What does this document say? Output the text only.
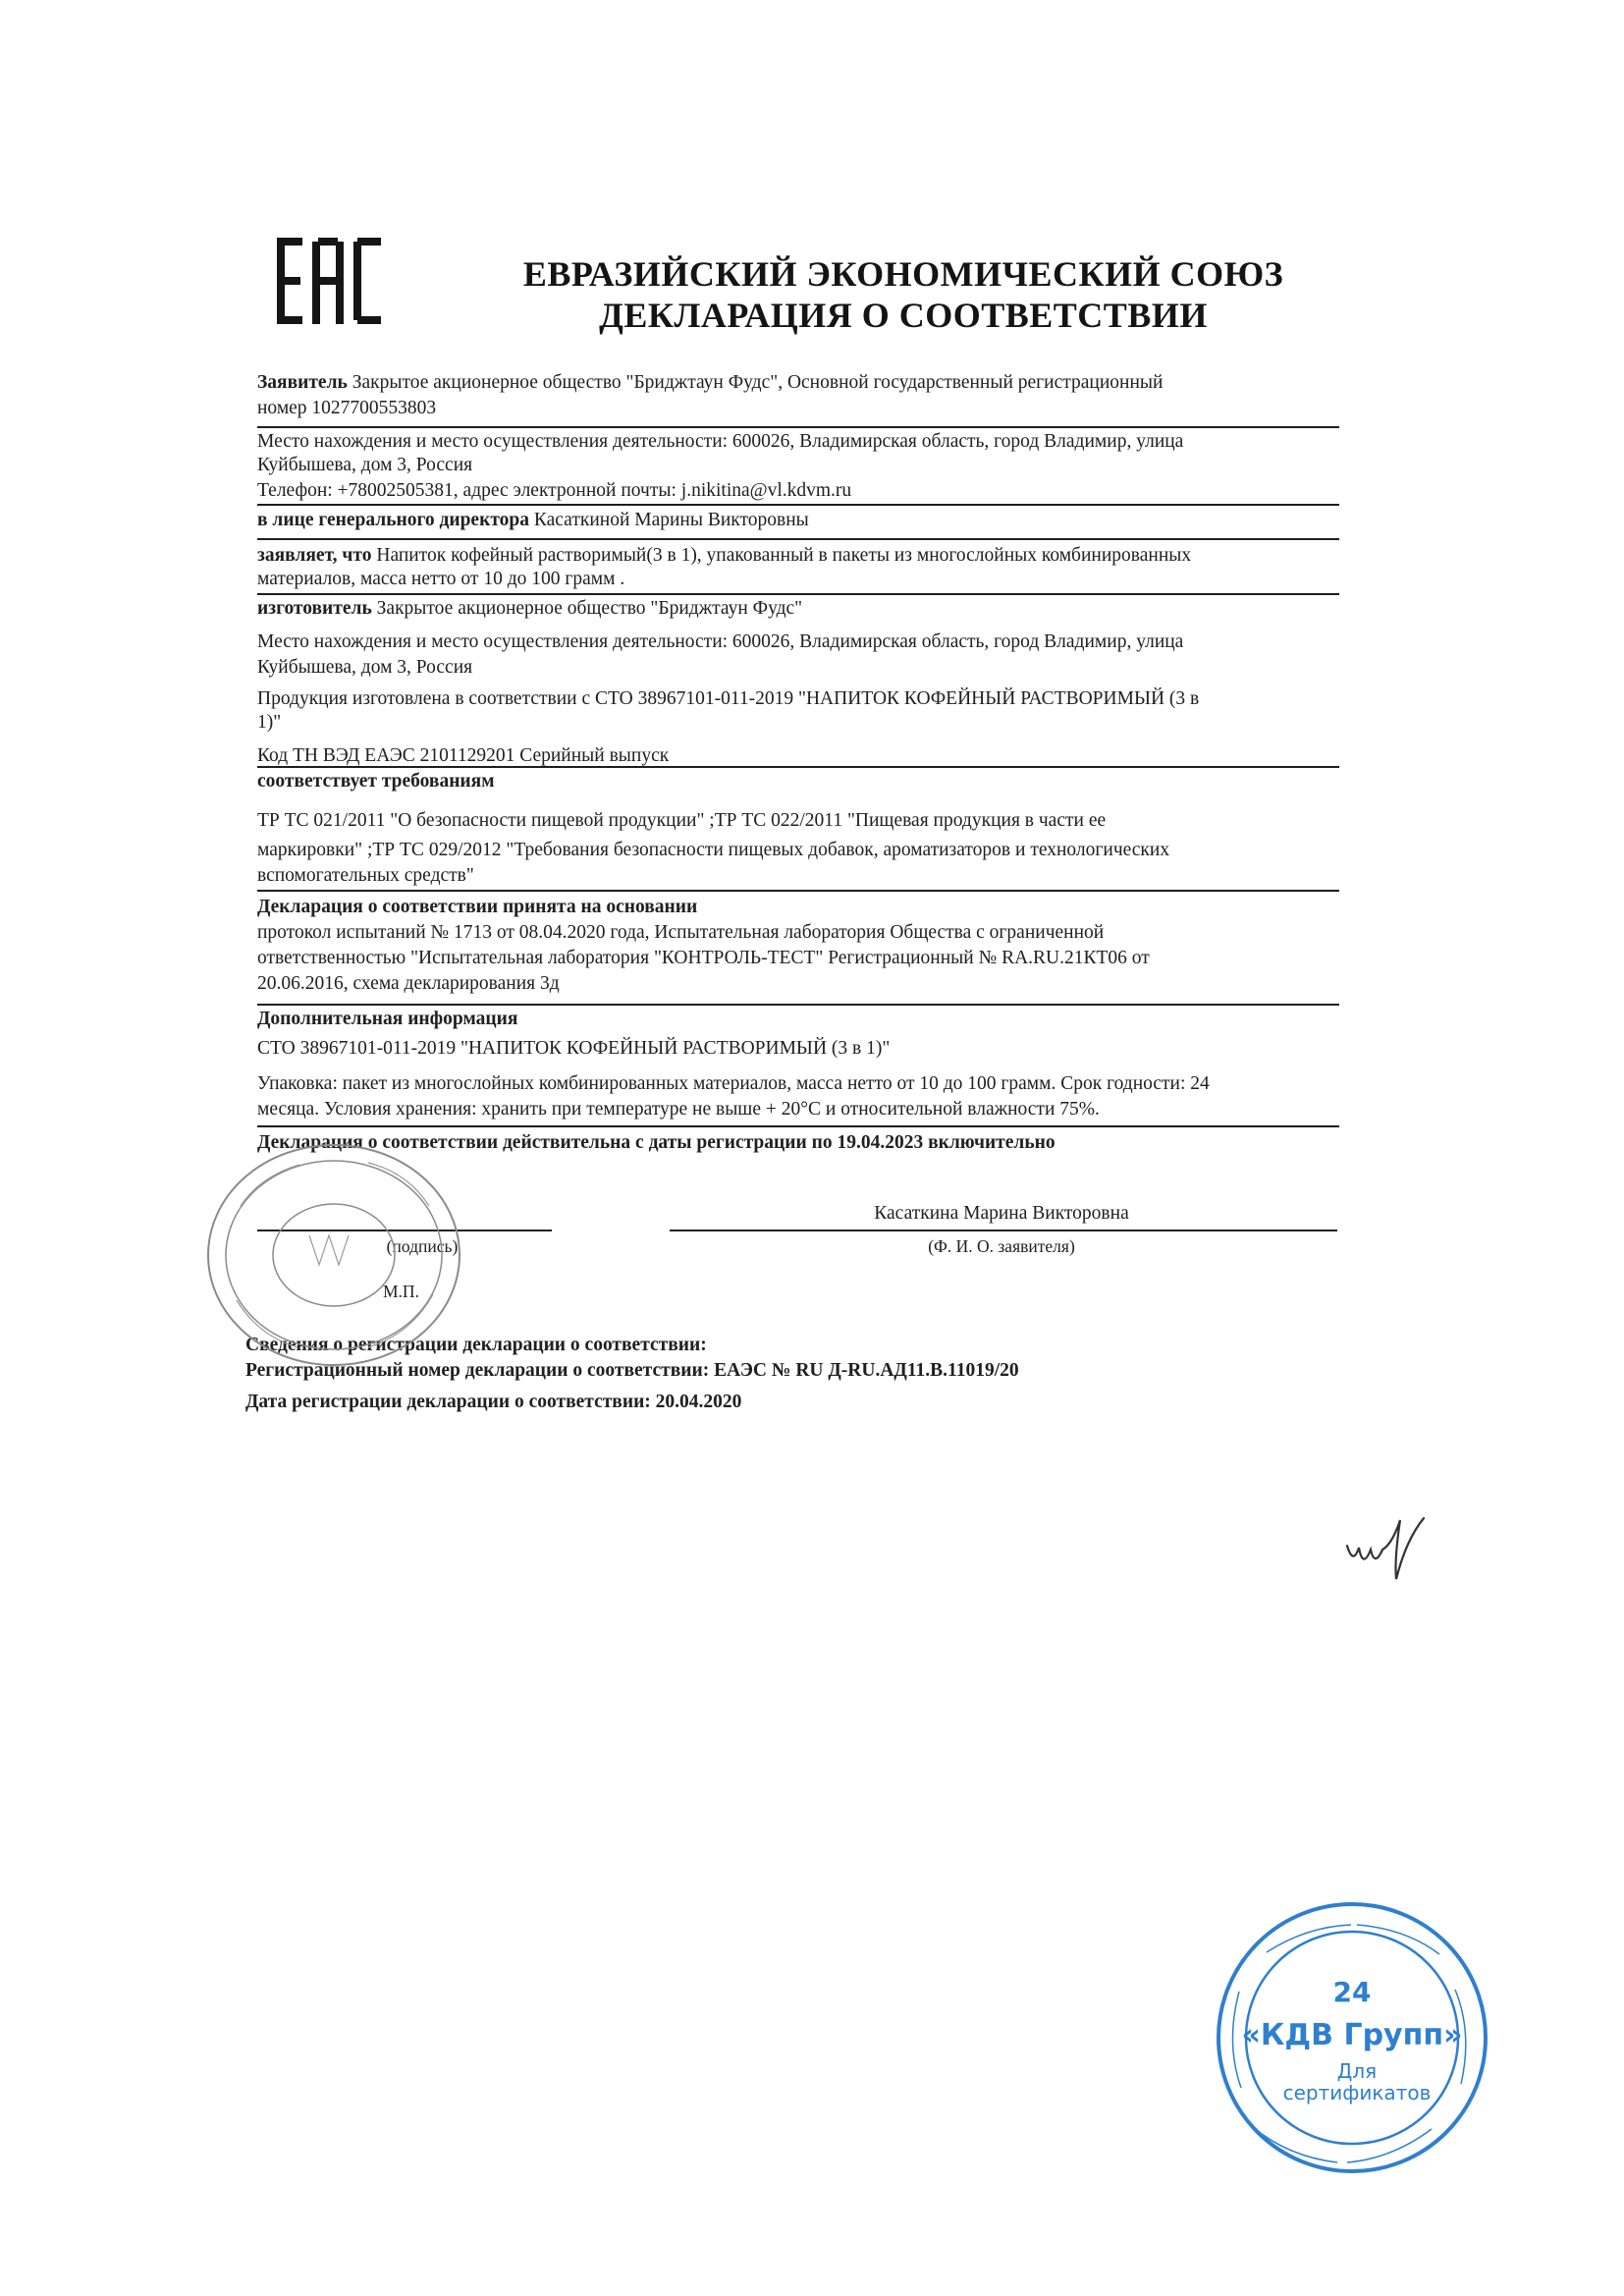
ЕВРАЗИЙСКИЙ ЭКОНОМИЧЕСКИЙ СОЮЗ
ДЕКЛАРАЦИЯ О СООТВЕТСТВИИ
Заявитель Закрытое акционерное общество "Бриджтаун Фудс", Основной государственный регистрационный
номер 1027700553803
Место нахождения и место осуществления деятельности: 600026, Владимирская область, город Владимир, улица
Куйбышева, дом 3, Россия
Телефон: +78002505381, адрес электронной почты: j.nikitina@vl.kdvm.ru
в лице генерального директора Касаткиной Марины Викторовны
заявляет, что Напиток кофейный растворимый(3 в 1), упакованный в пакеты из многослойных комбинированных
материалов, масса нетто от 10 до 100 грамм .
изготовитель Закрытое акционерное общество "Бриджтаун Фудс"
Место нахождения и место осуществления деятельности: 600026, Владимирская область, город Владимир, улица
Куйбышева, дом 3, Россия
Продукция изготовлена в соответствии с СТО 38967101-011-2019 "НАПИТОК КОФЕЙНЫЙ РАСТВОРИМЫЙ (3 в
1)"
Код ТН ВЭД ЕАЭС 2101129201 Серийный выпуск
соответствует требованиям
ТР ТС 021/2011 "О безопасности пищевой продукции" ;ТР ТС 022/2011 "Пищевая продукция в части ее
маркировки" ;ТР ТС 029/2012 "Требования безопасности пищевых добавок, ароматизаторов и технологических
вспомогательных средств"
Декларация о соответствии принята на основании
протокол испытаний № 1713 от 08.04.2020 года, Испытательная лаборатория Общества с ограниченной
ответственностью "Испытательная лаборатория "КОНТРОЛЬ-ТЕСТ" Регистрационный № RA.RU.21КТ06 от
20.06.2016, схема декларирования 3д
Дополнительная информация
СТО 38967101-011-2019 "НАПИТОК КОФЕЙНЫЙ РАСТВОРИМЫЙ (3 в 1)"
Упаковка: пакет из многослойных комбинированных материалов, масса нетто от 10 до 100 грамм. Срок годности: 24
месяца. Условия хранения: хранить при температуре не выше + 20°С и относительной влажности 75%.
Декларация о соответствии действительна с даты регистрации по 19.04.2023 включительно
(подпись)
Касаткина Марина Викторовна
(Ф. И. О. заявителя)
М.П.
Сведения о регистрации декларации о соответствии:
Регистрационный номер декларации о соответствии: ЕАЭС № RU Д-RU.АД11.В.11019/20
Дата регистрации декларации о соответствии: 20.04.2020
24
«КДВ Групп»
Для
сертификатов
